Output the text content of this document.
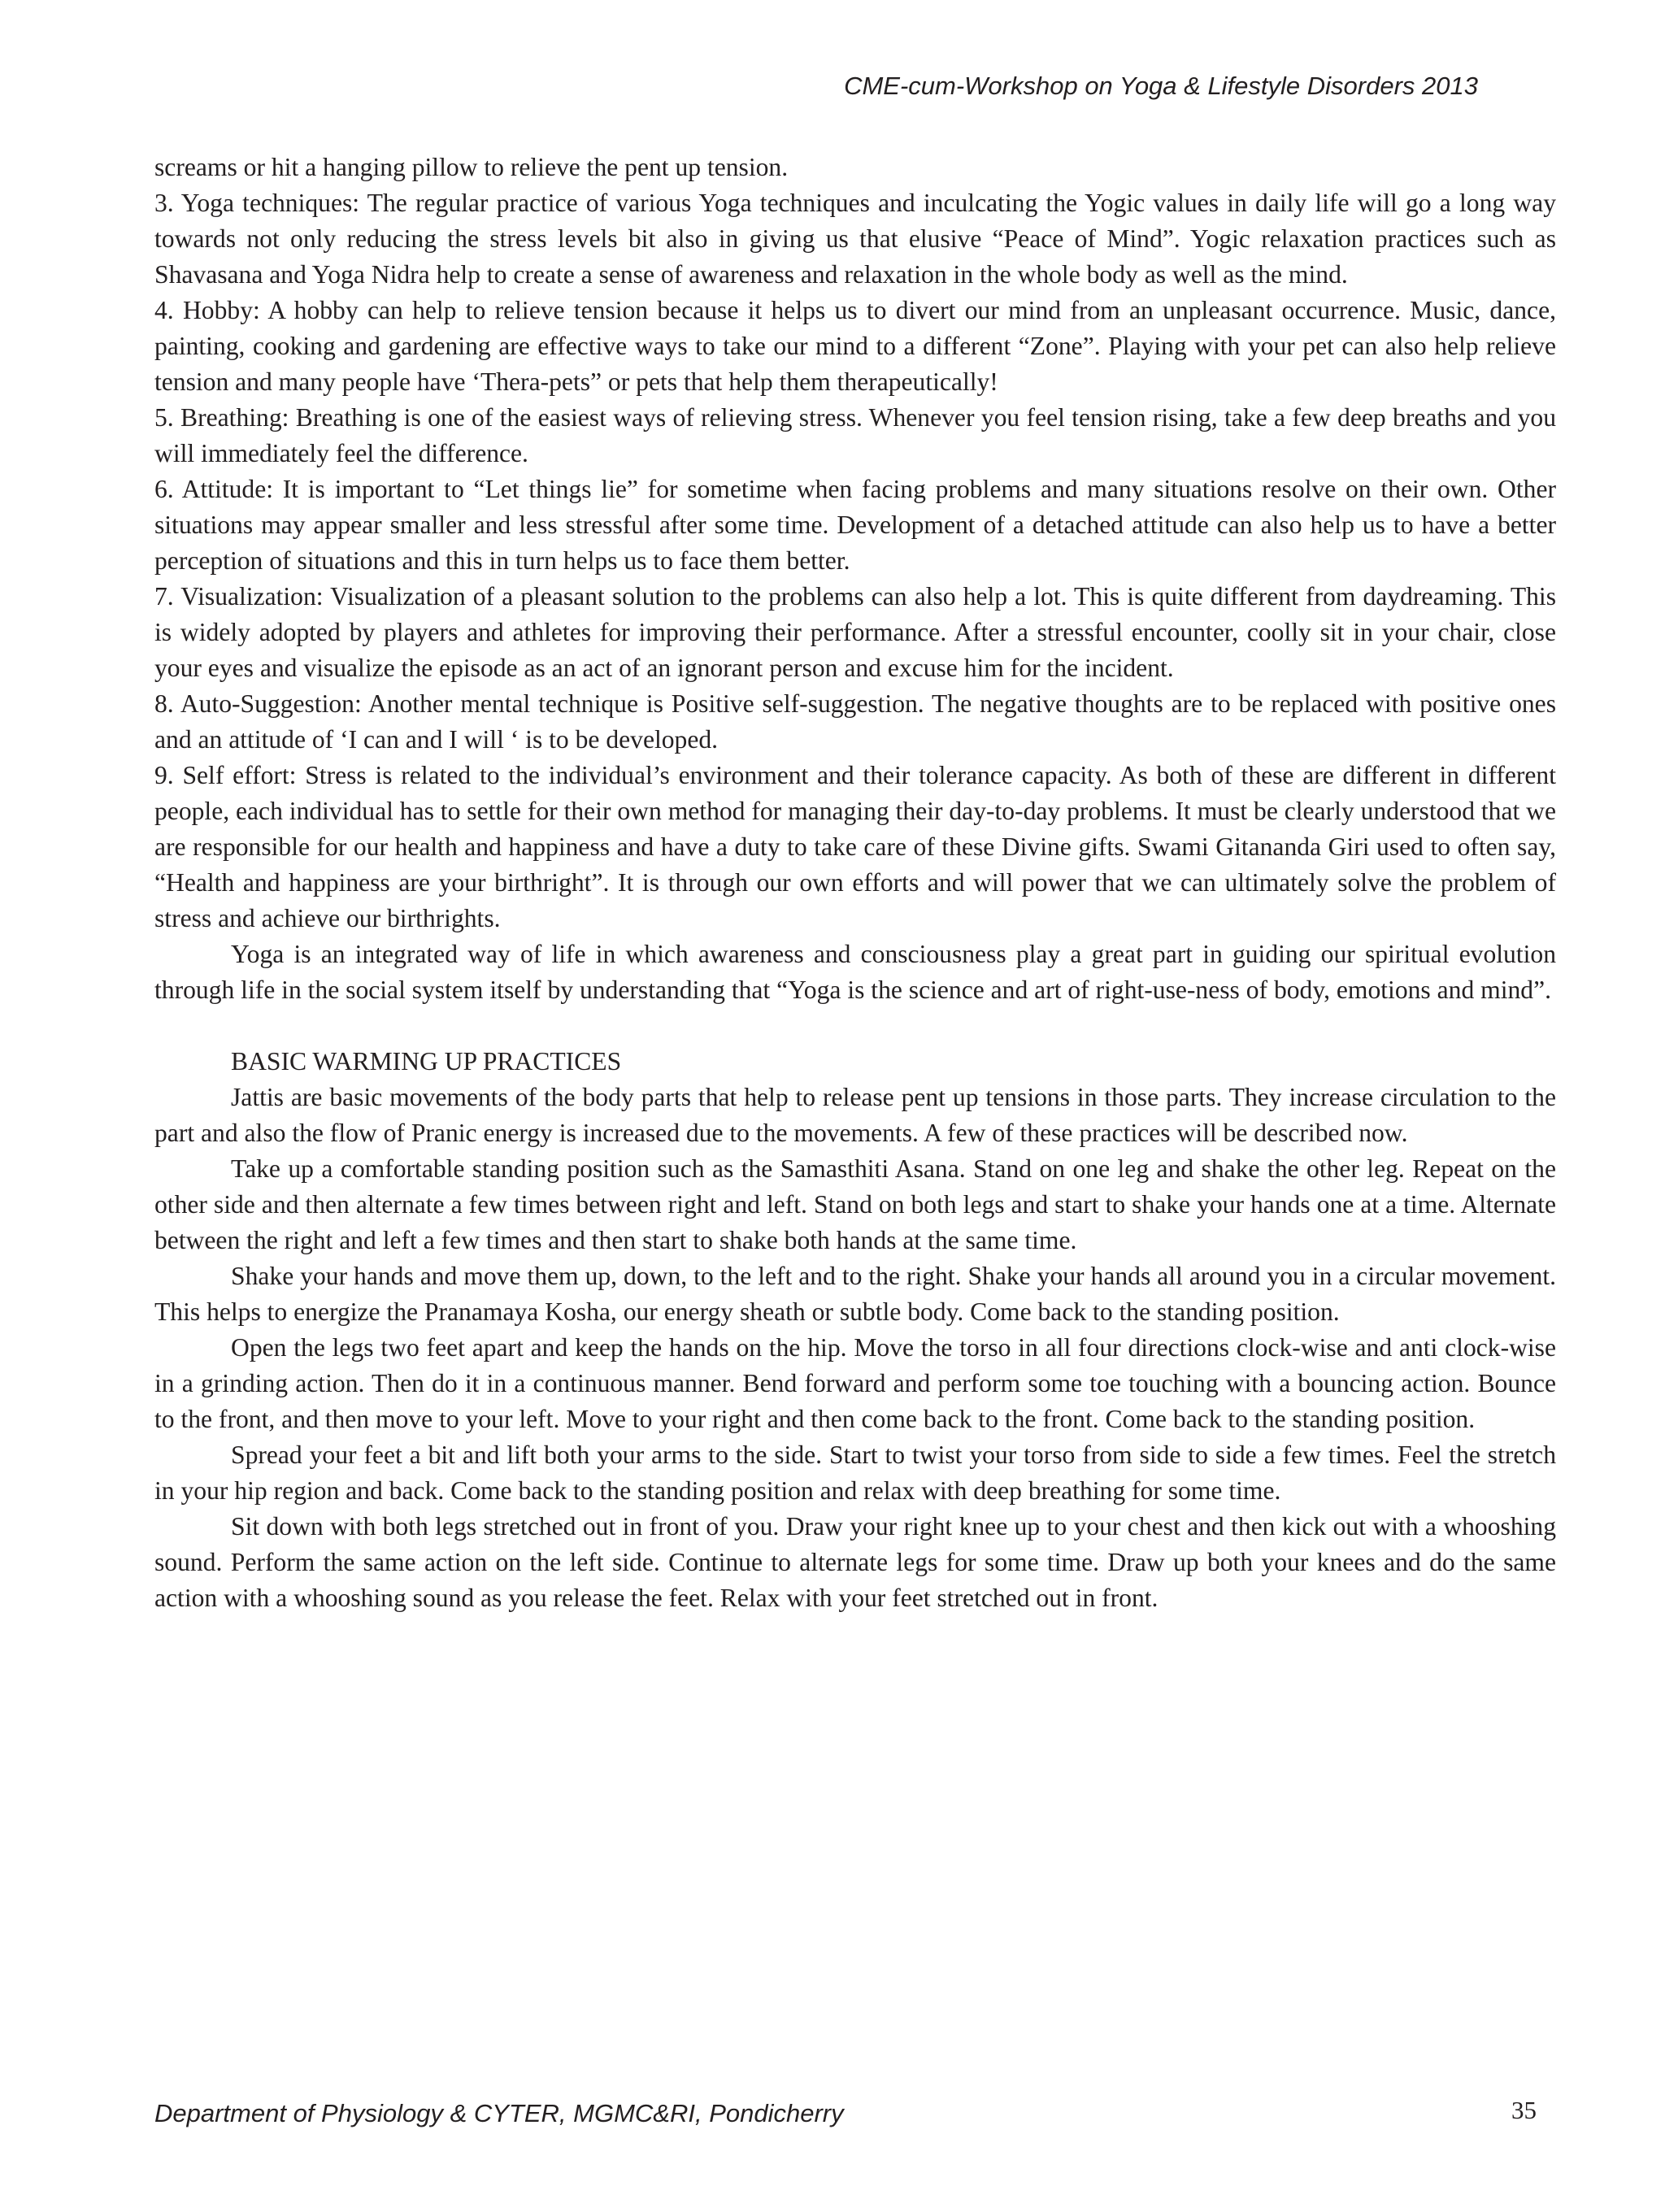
CME-cum-Workshop on Yoga & Lifestyle Disorders 2013

screams or hit a hanging pillow to relieve the pent up tension.

3. Yoga techniques: The regular practice of various Yoga techniques and inculcating the Yogic values in daily life will go a long way towards not only reducing the stress levels bit also in giving us that elusive “Peace of Mind”. Yogic relaxation practices such as Shavasana and Yoga Nidra help to create a sense of awareness and relaxation in the whole body as well as the mind.

4. Hobby: A hobby can help to relieve tension because it helps us to divert our mind from an unpleasant occurrence. Music, dance, painting, cooking and gardening are effective ways to take our mind to a different “Zone”. Playing with your pet can also help relieve tension and many people have ‘Thera-pets” or pets that help them therapeutically!

5. Breathing: Breathing is one of the easiest ways of relieving stress. Whenever you feel tension rising, take a few deep breaths and you will immediately feel the difference.

6. Attitude: It is important to “Let things lie” for sometime when facing problems and many situations resolve on their own. Other situations may appear smaller and less stressful after some time. Development of a detached attitude can also help us to have a better perception of situations and this in turn helps us to face them better.

7. Visualization: Visualization of a pleasant solution to the problems can also help a lot. This is quite different from daydreaming. This is widely adopted by players and athletes for improving their performance. After a stressful encounter, coolly sit in your chair, close your eyes and visualize the episode as an act of an ignorant person and excuse him for the incident.

8. Auto-Suggestion: Another mental technique is Positive self-suggestion. The negative thoughts are to be replaced with positive ones and an attitude of ‘I can and I will ‘ is to be developed.

9. Self effort: Stress is related to the individual’s environment and their tolerance capacity. As both of these are different in different people, each individual has to settle for their own method for managing their day-to-day problems. It must be clearly understood that we are responsible for our health and happiness and have a duty to take care of these Divine gifts. Swami Gitananda Giri used to often say, “Health and happiness are your birthright”. It is through our own efforts and will power that we can ultimately solve the problem of stress and achieve our birthrights.

Yoga is an integrated way of life in which awareness and consciousness play a great part in guiding our spiritual evolution through life in the social system itself by understanding that “Yoga is the science and art of right-use-ness of body, emotions and mind”.

BASIC WARMING UP PRACTICES

Jattis are basic movements of the body parts that help to release pent up tensions in those parts. They increase circulation to the part and also the flow of Pranic energy is increased due to the movements. A few of these practices will be described now.

Take up a comfortable standing position such as the Samasthiti Asana. Stand on one leg and shake the other leg. Repeat on the other side and then alternate a few times between right and left. Stand on both legs and start to shake your hands one at a time. Alternate between the right and left a few times and then start to shake both hands at the same time.

Shake your hands and move them up, down, to the left and to the right. Shake your hands all around you in a circular movement. This helps to energize the Pranamaya Kosha, our energy sheath or subtle body. Come back to the standing position.

Open the legs two feet apart and keep the hands on the hip. Move the torso in all four directions clock-wise and anti clock-wise in a grinding action. Then do it in a continuous manner. Bend forward and perform some toe touching with a bouncing action. Bounce to the front, and then move to your left. Move to your right and then come back to the front. Come back to the standing position.

Spread your feet a bit and lift both your arms to the side. Start to twist your torso from side to side a few times. Feel the stretch in your hip region and back. Come back to the standing position and relax with deep breathing for some time.

Sit down with both legs stretched out in front of you. Draw your right knee up to your chest and then kick out with a whooshing sound. Perform the same action on the left side. Continue to alternate legs for some time. Draw up both your knees and do the same action with a whooshing sound as you release the feet. Relax with your feet stretched out in front.

Department of Physiology & CYTER, MGMC&RI, Pondicherry	35
